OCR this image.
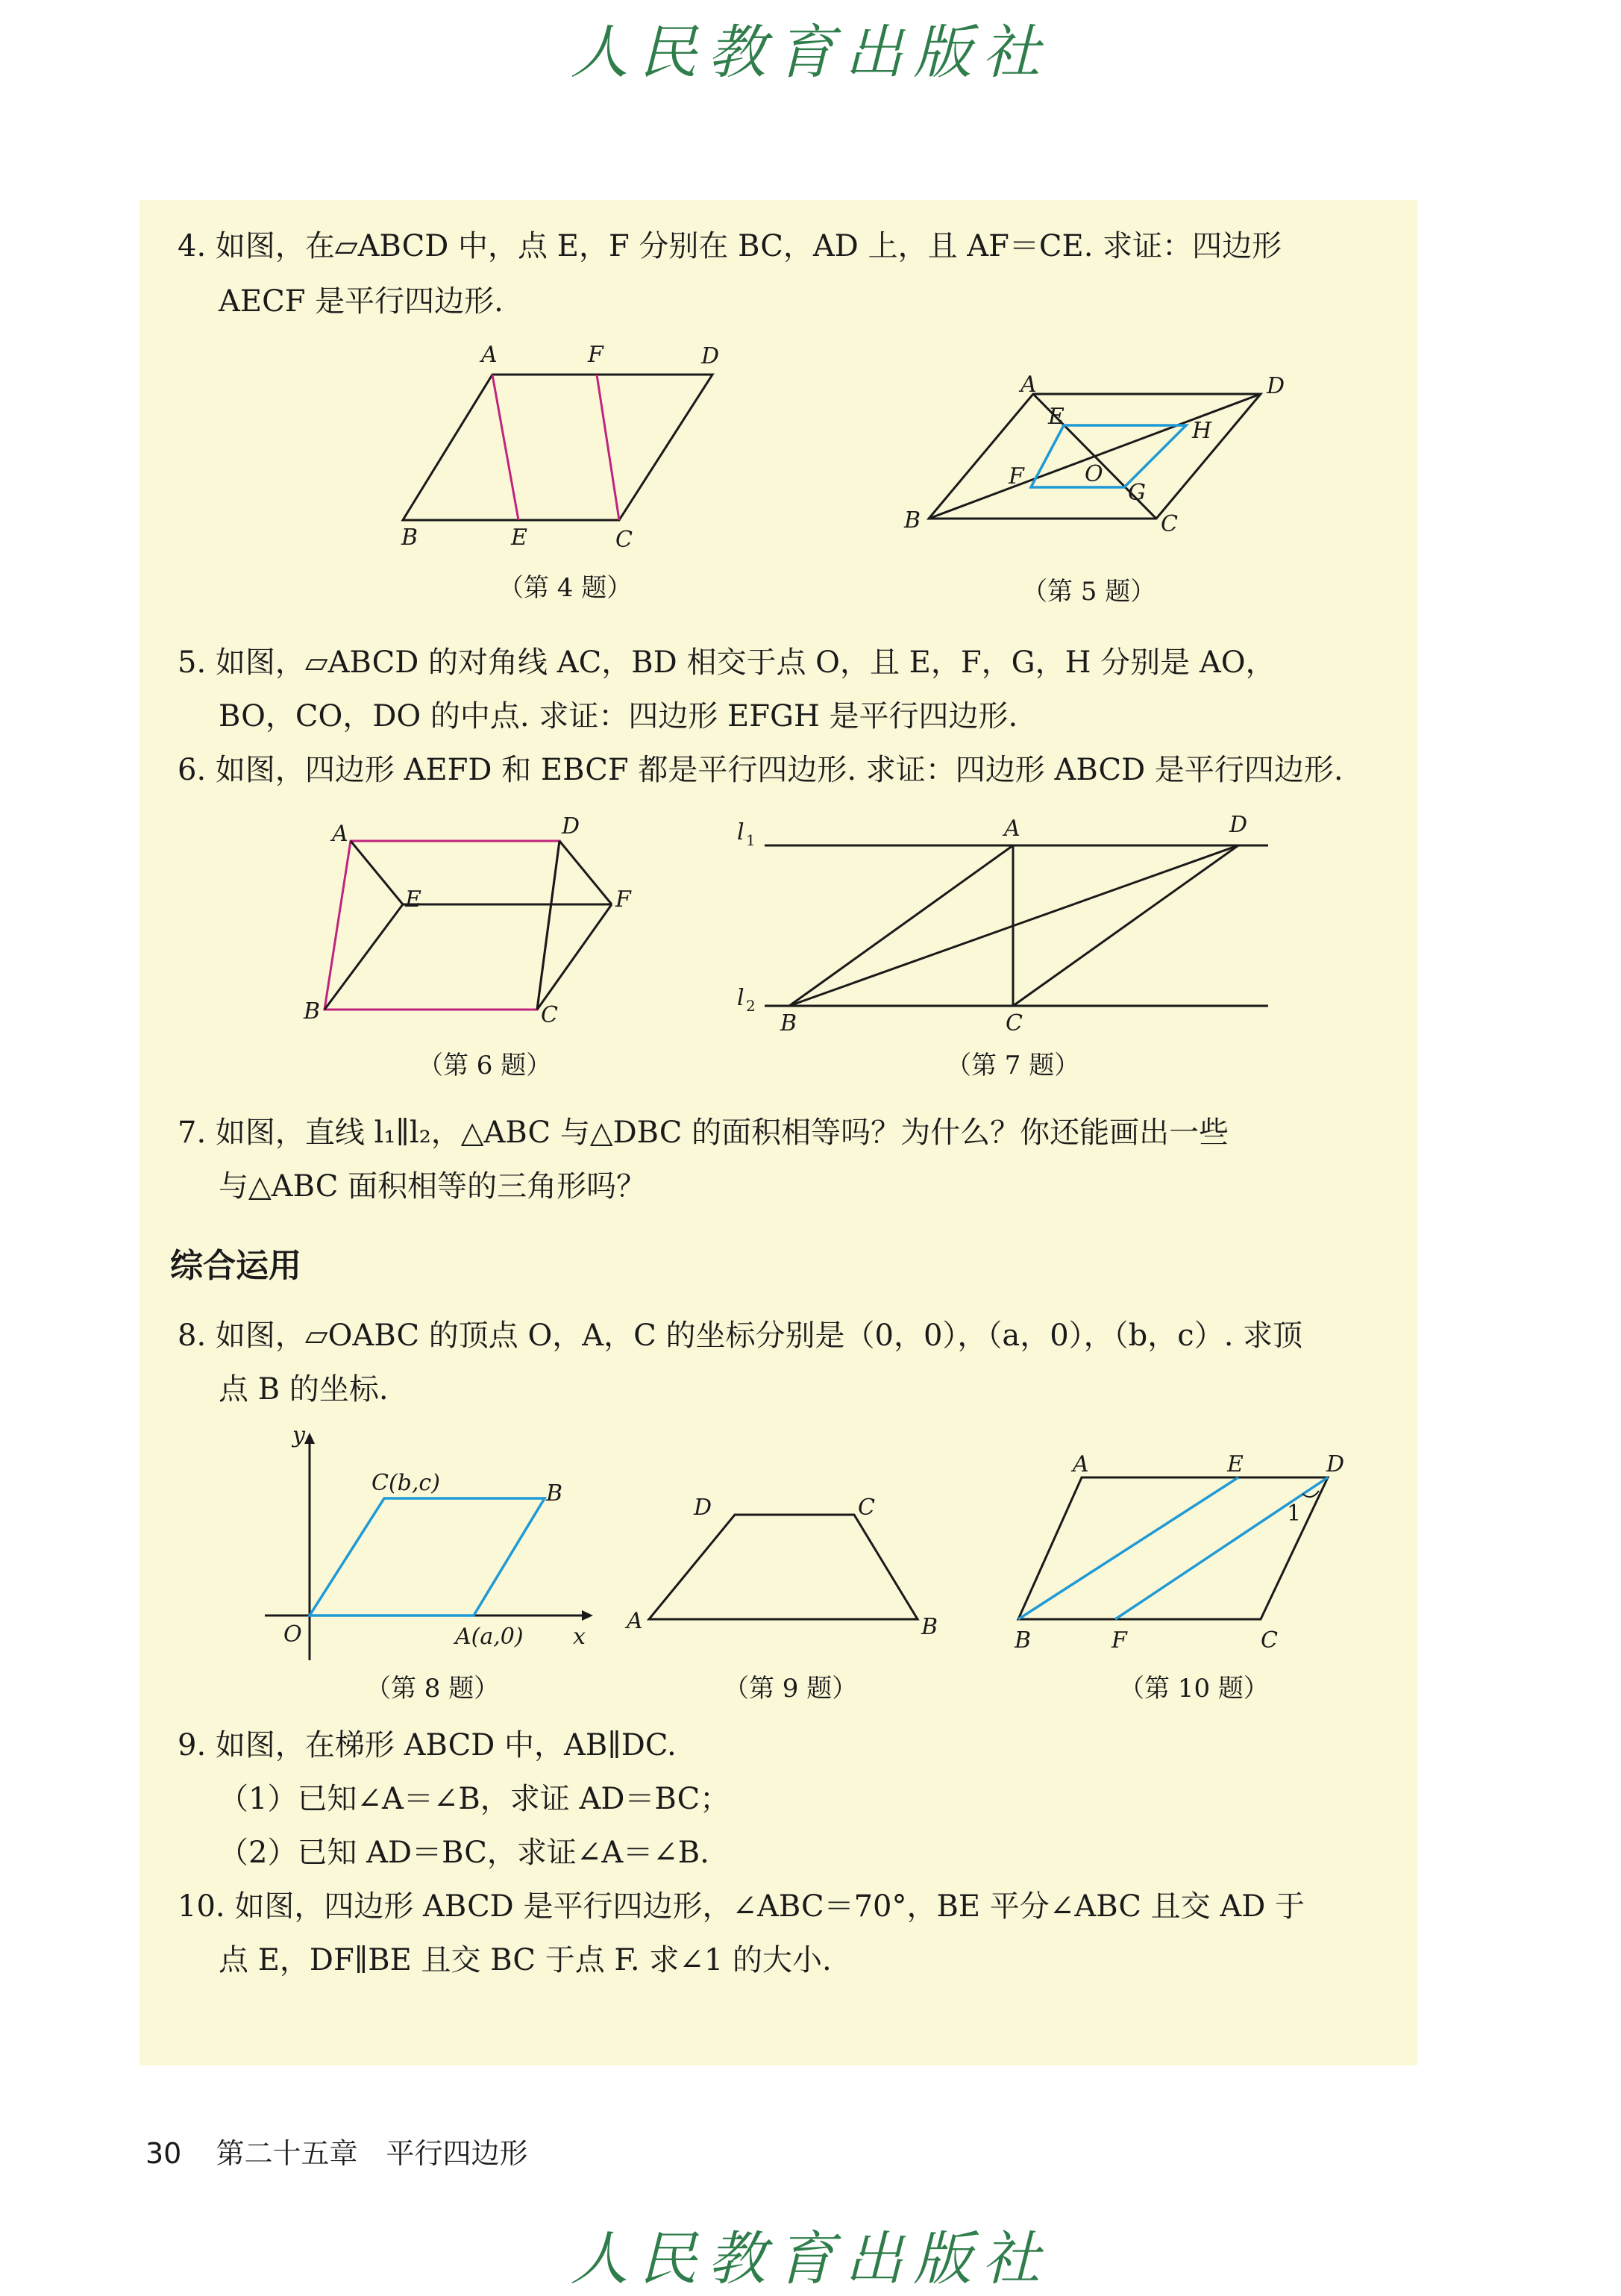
人民教育出版社
4. 如图，在▱ABCD 中，点 E，F 分别在 BC，AD 上，且 AF＝CE. 求证：四边形
AECF 是平行四边形.
A	F	D
B	E	C
（第 4 题）
A	D
E
H
F	O
G
B	C
（第 5 题）
5. 如图，▱ABCD 的对角线 AC，BD 相交于点 O，且 E，F，G，H 分别是 AO，
BO，CO，DO 的中点. 求证：四边形 EFGH 是平行四边形.
6. 如图，四边形 AEFD 和 EBCF 都是平行四边形. 求证：四边形 ABCD 是平行四边形.
A	D
E	F
B	C
（第 6 题）
l 1
l 2
A	D
B	C
（第 7 题）
7. 如图，直线 l₁∥l₂，△ABC 与△DBC 的面积相等吗？为什么？你还能画出一些
与△ABC 面积相等的三角形吗？
综合运用
8. 如图，▱OABC 的顶点 O，A，C 的坐标分别是（0，0），（a，0），（b，c）. 求顶
点 B 的坐标.
y
x
O
C(b,c)	B
A(a,0)
（第 8 题）
D	C
A	B
（第 9 题）
A	E	D
1
B	F	C
（第 10 题）
9. 如图，在梯形 ABCD 中，AB∥DC.
（1）已知∠A＝∠B，求证 AD＝BC；
（2）已知 AD＝BC，求证∠A＝∠B.
10. 如图，四边形 ABCD 是平行四边形，∠ABC＝70°，BE 平分∠ABC 且交 AD 于
点 E，DF∥BE 且交 BC 于点 F. 求∠1 的大小.
30 第二十五章　平行四边形
人民教育出版社
